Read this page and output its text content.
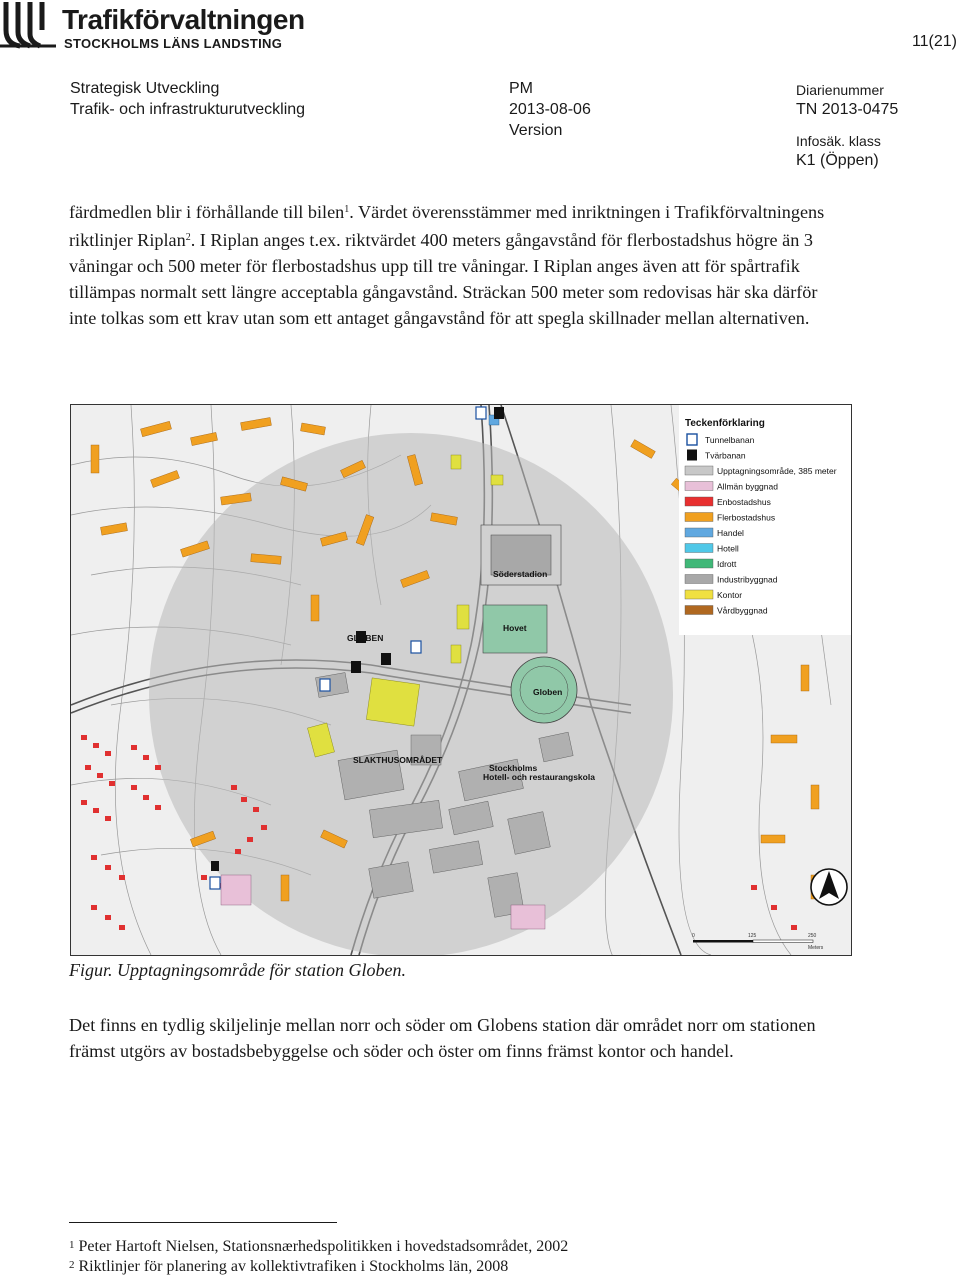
Trafikförvaltningen
STOCKHOLMS LÄNS LANDSTING	11(21)
Strategisk Utveckling
Trafik- och infrastrukturutveckling
PM
2013-08-06
Version
Diarienummer
TN 2013-0475
Infosäk. klass
K1 (Öppen)

färdmedlen blir i förhållande till bilen$^1$. Värdet överensstämmer med inriktningen i Trafikförvaltningens riktlinjer Riplan$^2$. I Riplan anges t.ex. riktvärdet 400 meters gångavstånd för flerbostadshus högre än 3 våningar och 500 meter för flerbostadshus upp till tre våningar. I Riplan anges även att för spårtrafik tillämpas normalt sett längre acceptabla gångavstånd. Sträckan 500 meter som redovisas här ska därför inte tolkas som ett krav utan som ett antaget gångavstånd för att spegla skillnader mellan alternativen.

GLOBEN
Söderstadion
Hovet
Globen
SLAKTHUSOMRÅDET
Stockholms
Hotell- och restaurangskola
Teckenförklaring
Tunnelbanan
Tvärbanan
Upptagningsområde, 385 meter
Allmän byggnad
Enbostadshus
Flerbostadshus
Handel
Hotell
Idrott
Industribyggnad
Kontor
Vårdbyggnad
0	125	250
Meters
Figur. Upptagningsområde för station Globen.

Det finns en tydlig skiljelinje mellan norr och söder om Globens station där området norr om stationen främst utgörs av bostadsbebyggelse och söder och öster om finns främst kontor och handel.

$^1$ Peter Hartoft Nielsen, Stationsnærhedspolitikken i hovedstadsområdet, 2002
$^2$ Riktlinjer för planering av kollektivtrafiken i Stockholms län, 2008
